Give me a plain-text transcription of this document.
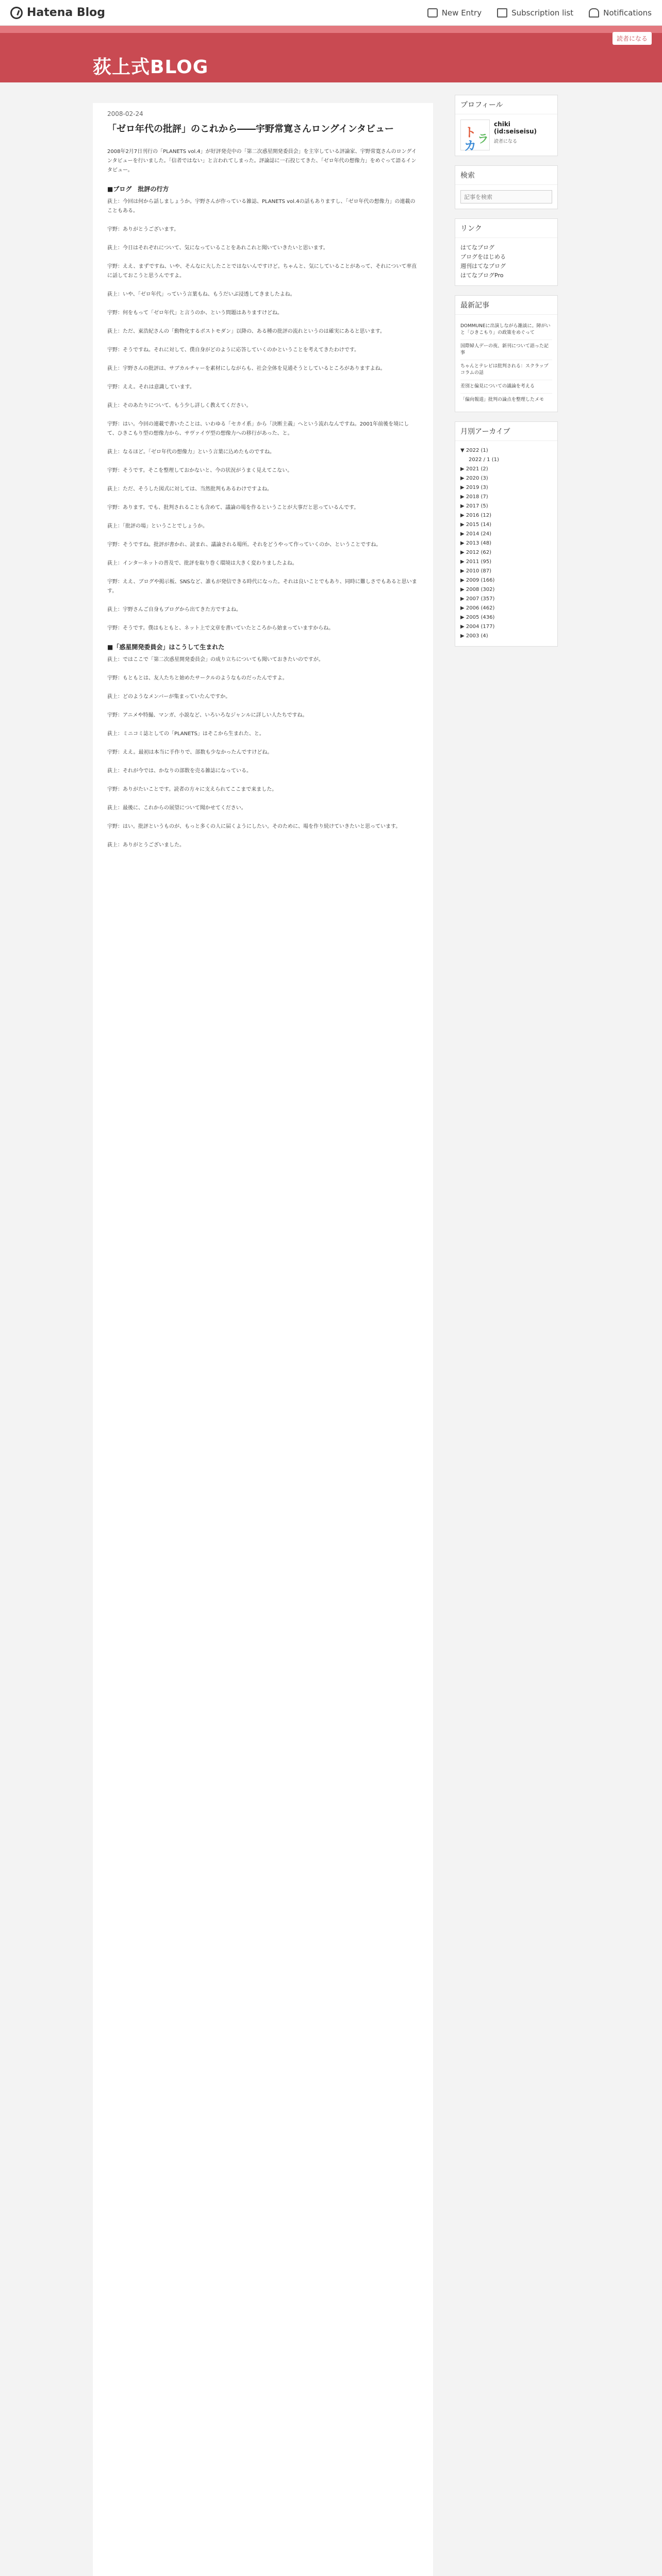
Hatena Blog	New Entry	Subscription list	Notifications
荻上式BLOG
読者になる
2008-02-24
「ゼロ年代の批評」のこれから――宇野常寛さんロングインタビュー
2008年2月7日刊行の「PLANETS vol.4」が好評発売中の「第二次惑星開発委員会」を主宰している評論家、宇野常寛さんのロングインタビューを行いました。「信者ではない」と言われてしまった。評論誌に一石投じてきた、「ゼロ年代の想像力」をめぐって語るインタビュー。
■ブログ　批評の行方
荻上：今回は何から話しましょうか。宇野さんが作っている雑誌、PLANETS vol.4の話もありますし、「ゼロ年代の想像力」の連載のこともある。
宇野：ありがとうございます。
荻上：今日はそれぞれについて、気になっていることをあれこれと聞いていきたいと思います。
宇野：ええ、まずですね、いや、そんなに大したことではないんですけど。ちゃんと、気にしていることがあって、それについて率直に話しておこうと思うんですよ。
荻上：いや、「ゼロ年代」っていう言葉もね、もうだいぶ浸透してきましたよね。
宇野：何をもって「ゼロ年代」と言うのか、という問題はありますけどね。
荻上：ただ、東浩紀さんの「動物化するポストモダン」以降の、ある種の批評の流れというのは確実にあると思います。
宇野：そうですね。それに対して、僕自身がどのように応答していくのかということを考えてきたわけです。
荻上：宇野さんの批評は、サブカルチャーを素材にしながらも、社会全体を見通そうとしているところがありますよね。
宇野：ええ。それは意識しています。
荻上：そのあたりについて、もう少し詳しく教えてください。
宇野：はい。今回の連載で書いたことは、いわゆる「セカイ系」から「決断主義」へという流れなんですね。2001年前後を境にして、ひきこもり型の想像力から、サヴァイヴ型の想像力への移行があった、と。
荻上：なるほど。「ゼロ年代の想像力」という言葉に込めたものですね。
宇野：そうです。そこを整理しておかないと、今の状況がうまく見えてこない。
荻上：ただ、そうした図式に対しては、当然批判もあるわけですよね。
宇野：あります。でも、批判されることも含めて、議論の場を作るということが大事だと思っているんです。
荻上：「批評の場」ということでしょうか。
宇野：そうですね。批評が書かれ、読まれ、議論される場所。それをどうやって作っていくのか、ということですね。
荻上：インターネットの普及で、批評を取り巻く環境は大きく変わりましたよね。
宇野：ええ、ブログや掲示板、SNSなど、誰もが発信できる時代になった。それは良いことでもあり、同時に難しさでもあると思います。
荻上：宇野さんご自身もブログから出てきた方ですよね。
宇野：そうです。僕はもともと、ネット上で文章を書いていたところから始まっていますからね。
■「惑星開発委員会」はこうして生まれた
荻上：ではここで「第二次惑星開発委員会」の成り立ちについても聞いておきたいのですが。
宇野：もともとは、友人たちと始めたサークルのようなものだったんですよ。
荻上：どのようなメンバーが集まっていたんですか。
宇野：アニメや特撮、マンガ、小説など、いろいろなジャンルに詳しい人たちですね。
荻上：ミニコミ誌としての「PLANETS」はそこから生まれた、と。
宇野：ええ。最初は本当に手作りで、部数も少なかったんですけどね。
荻上：それが今では、かなりの部数を売る雑誌になっている。
宇野：ありがたいことです。読者の方々に支えられてここまで来ました。
荻上：最後に、これからの展望について聞かせてください。
宇野：はい。批評というものが、もっと多くの人に届くようにしたい。そのために、場を作り続けていきたいと思っています。
荻上：ありがとうございました。
プロフィール
ト
カ ラ
chiki (id:seiseisu)
読者になる
検索
記事を検索
リンク
はてなブログ
ブログをはじめる
週刊はてなブログ
はてなブログPro
最新記事
DOMMUNEに出演しながら雑談に。障がいと「ひきこもり」の政策をめぐって
国際婦人デーの夜、新刊について語った記事
ちゃんとテレビは批判される：スクラップコラムの話
差別と偏見についての議論を考える
「偏向報道」批判の論点を整理したメモ
月別アーカイブ
▼ 2022 (1)
2022 / 1 (1)
▶ 2021 (2)
▶ 2020 (3)
▶ 2019 (3)
▶ 2018 (7)
▶ 2017 (5)
▶ 2016 (12)
▶ 2015 (14)
▶ 2014 (24)
▶ 2013 (48)
▶ 2012 (62)
▶ 2011 (95)
▶ 2010 (87)
▶ 2009 (166)
▶ 2008 (302)
▶ 2007 (357)
▶ 2006 (462)
▶ 2005 (436)
▶ 2004 (177)
▶ 2003 (4)
